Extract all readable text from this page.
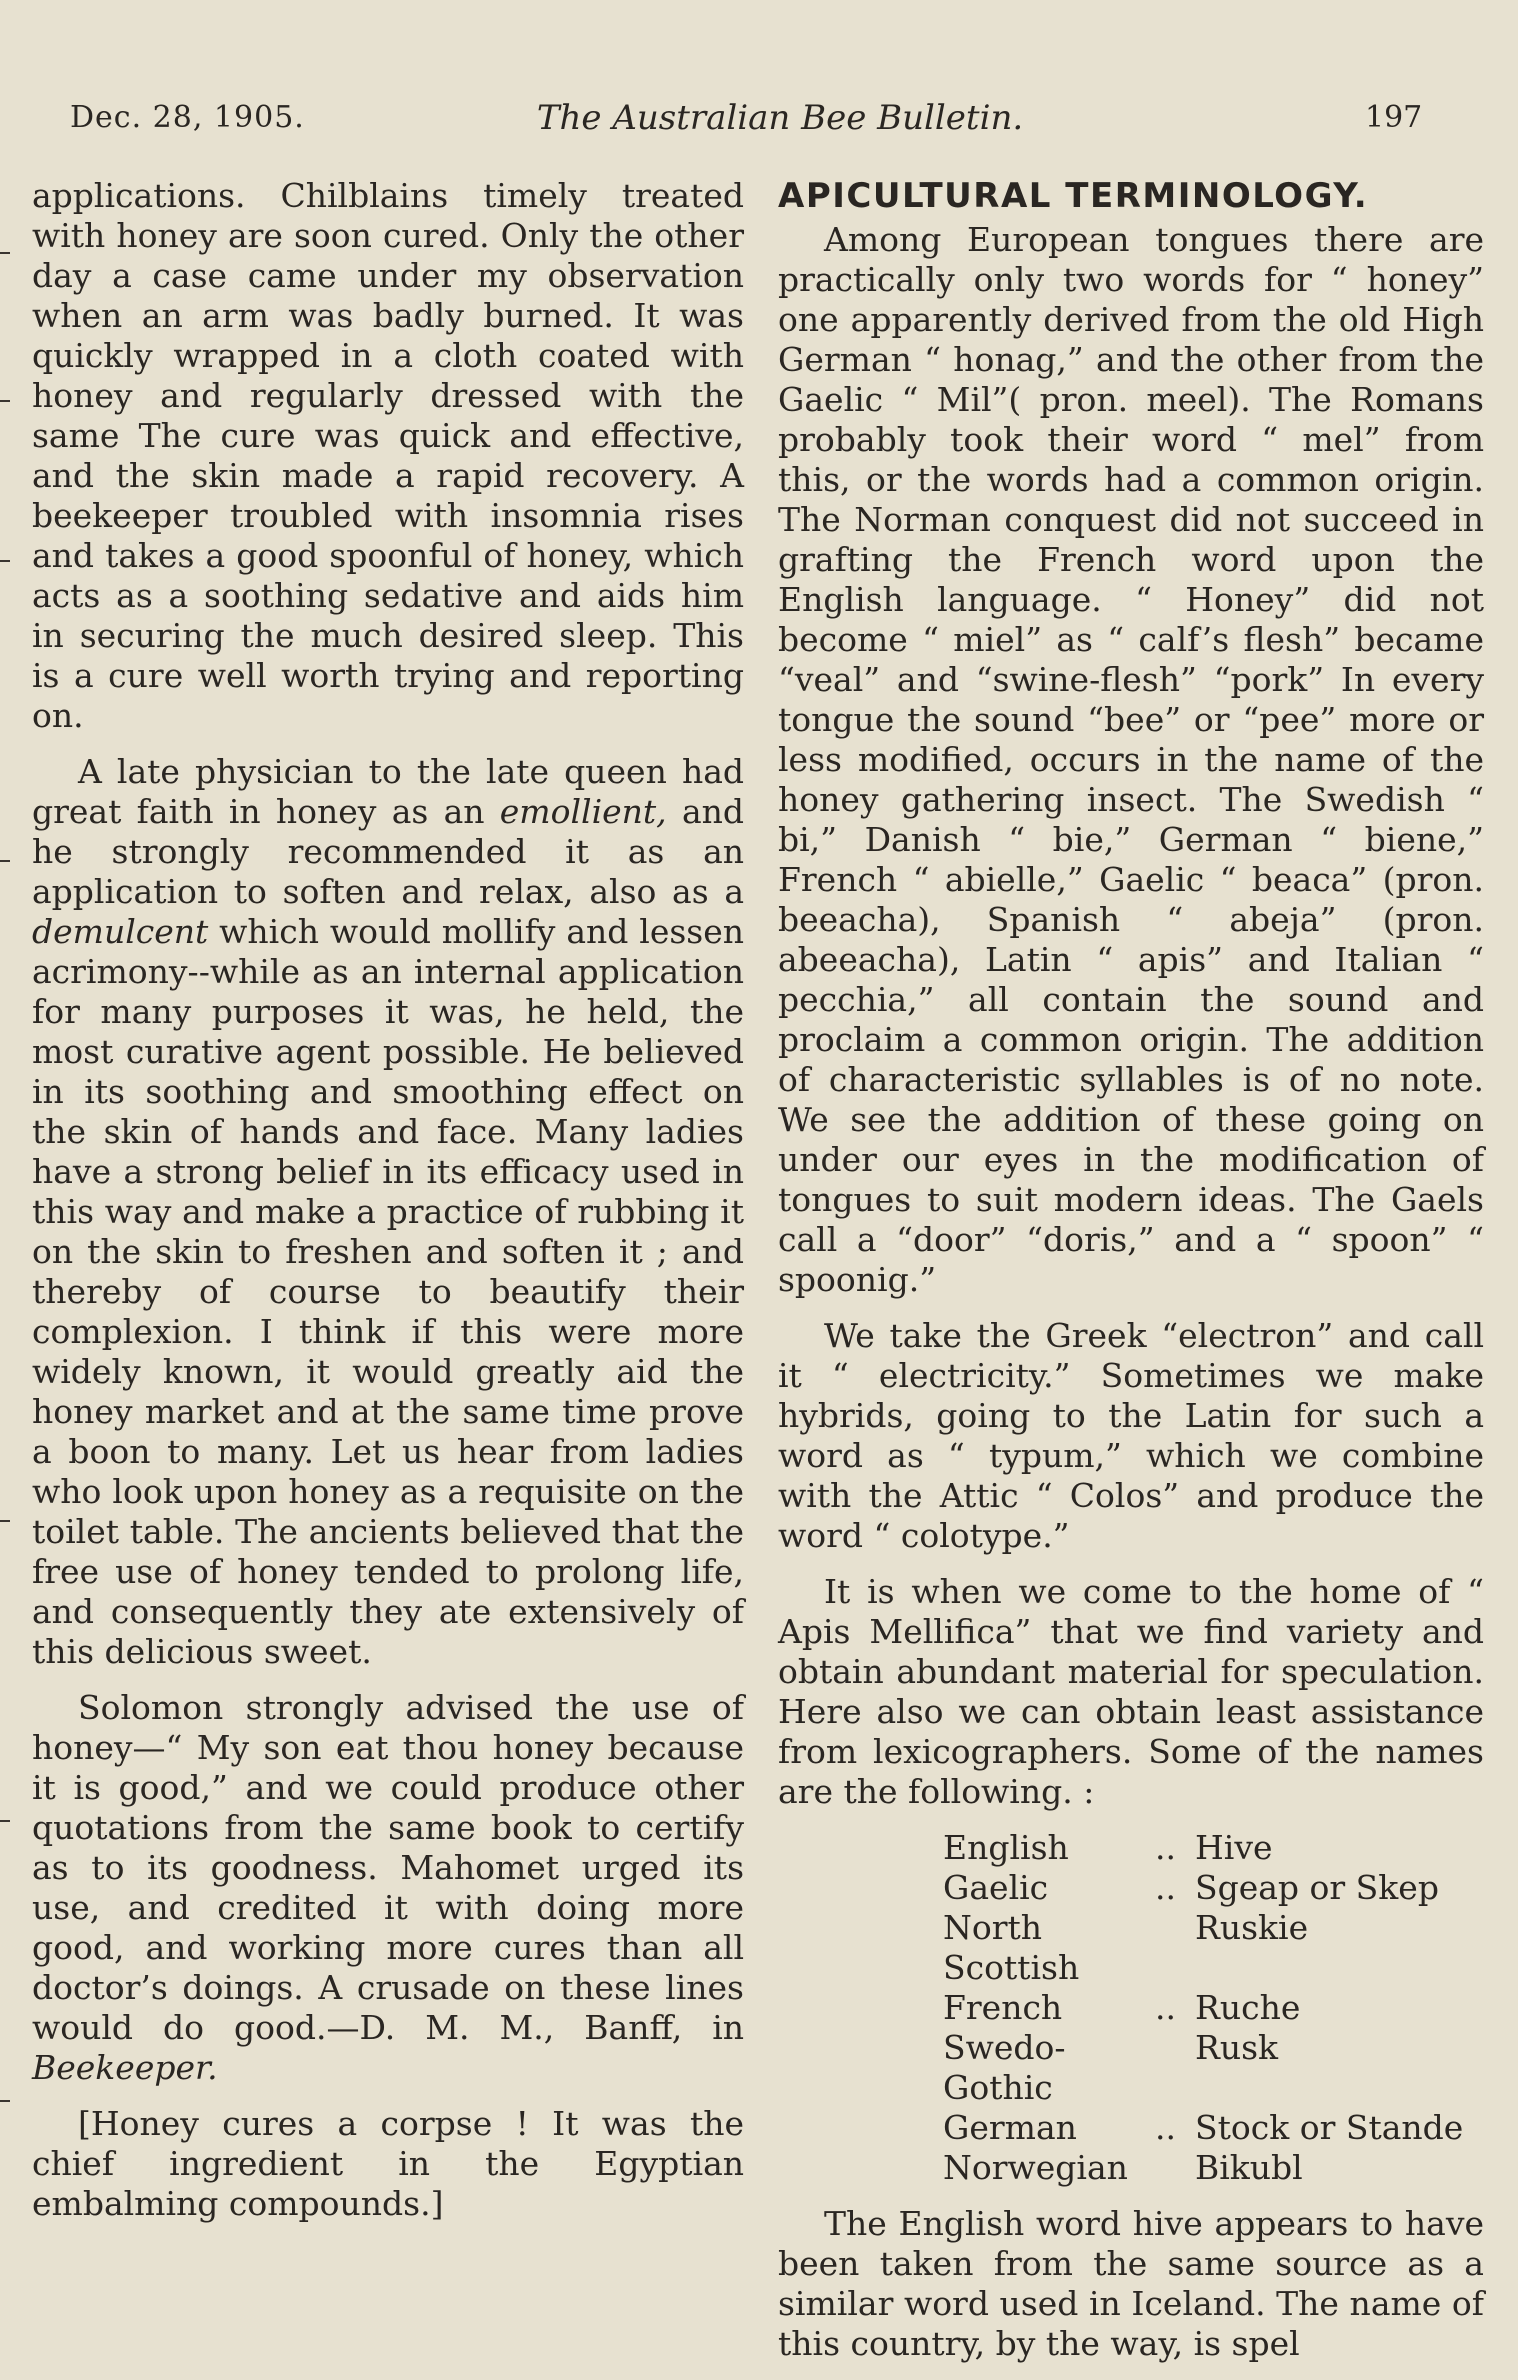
Dec. 28, 1905.	The Australian Bee Bulletin.	197

applications. Chilblains timely treated with honey are soon cured. Only the other day a case came under my observation when an arm was badly burned. It was quickly wrapped in a cloth coated with honey and regularly dressed with the same The cure was quick and effective, and the skin made a rapid recovery. A beekeeper troubled with insomnia rises and takes a good spoonful of honey, which acts as a soothing sedative and aids him in securing the much desired sleep. This is a cure well worth trying and reporting on.

A late physician to the late queen had great faith in honey as an emollient, and he strongly recommended it as an application to soften and relax, also as a demulcent which would mollify and lessen acrimony--while as an internal application for many purposes it was, he held, the most curative agent possible. He believed in its soothing and smoothing effect on the skin of hands and face. Many ladies have a strong belief in its efficacy used in this way and make a practice of rubbing it on the skin to freshen and soften it ; and thereby of course to beautify their complexion. I think if this were more widely known, it would greatly aid the honey market and at the same time prove a boon to many. Let us hear from ladies who look upon honey as a requisite on the toilet table. The ancients believed that the free use of honey tended to prolong life, and consequently they ate extensively of this delicious sweet.

Solomon strongly advised the use of honey—“ My son eat thou honey because it is good,” and we could produce other quotations from the same book to certify as to its goodness. Mahomet urged its use, and credited it with doing more good, and working more cures than all doctor’s doings. A crusade on these lines would do good.—D. M. M., Banff, in Beekeeper.

[Honey cures a corpse ! It was the chief ingredient in the Egyptian embalming compounds.]

APICULTURAL TERMINOLOGY.

Among European tongues there are practically only two words for “ honey” one apparently derived from the old High German “ honag,” and the other from the Gaelic “ Mil”( pron. meel). The Romans probably took their word “ mel” from this, or the words had a common origin. The Norman conquest did not succeed in grafting the French word upon the English language. “ Honey” did not become “ miel” as “ calf’s flesh” became “veal” and “swine-flesh” “pork” In every tongue the sound “bee” or “pee” more or less modified, occurs in the name of the honey gathering insect. The Swedish “ bi,” Danish “ bie,” German “ biene,” French “ abielle,” Gaelic “ beaca” (pron. beeacha), Spanish “ abeja” (pron. abeeacha), Latin “ apis” and Italian “ pecchia,” all contain the sound and proclaim a common origin. The addition of characteristic syllables is of no note. We see the addition of these going on under our eyes in the modification of tongues to suit modern ideas. The Gaels call a “door” “doris,” and a “ spoon” “ spoonig.”

We take the Greek “electron” and call it “ electricity.” Sometimes we make hybrids, going to the Latin for such a word as “ typum,” which we combine with the Attic “ Colos” and produce the word “ colotype.”

It is when we come to the home of “ Apis Mellifica” that we find variety and obtain abundant material for speculation. Here also we can obtain least assistance from lexicographers. Some of the names are the following. :

English	..	Hive
Gaelic	..	Sgeap or Skep
North Scottish		Ruskie
French	..	Ruche
Swedo-Gothic		Rusk
German	..	Stock or Stande
Norwegian		Bikubl

The English word hive appears to have been taken from the same source as a similar word used in Iceland. The name of this country, by the way, is spel
